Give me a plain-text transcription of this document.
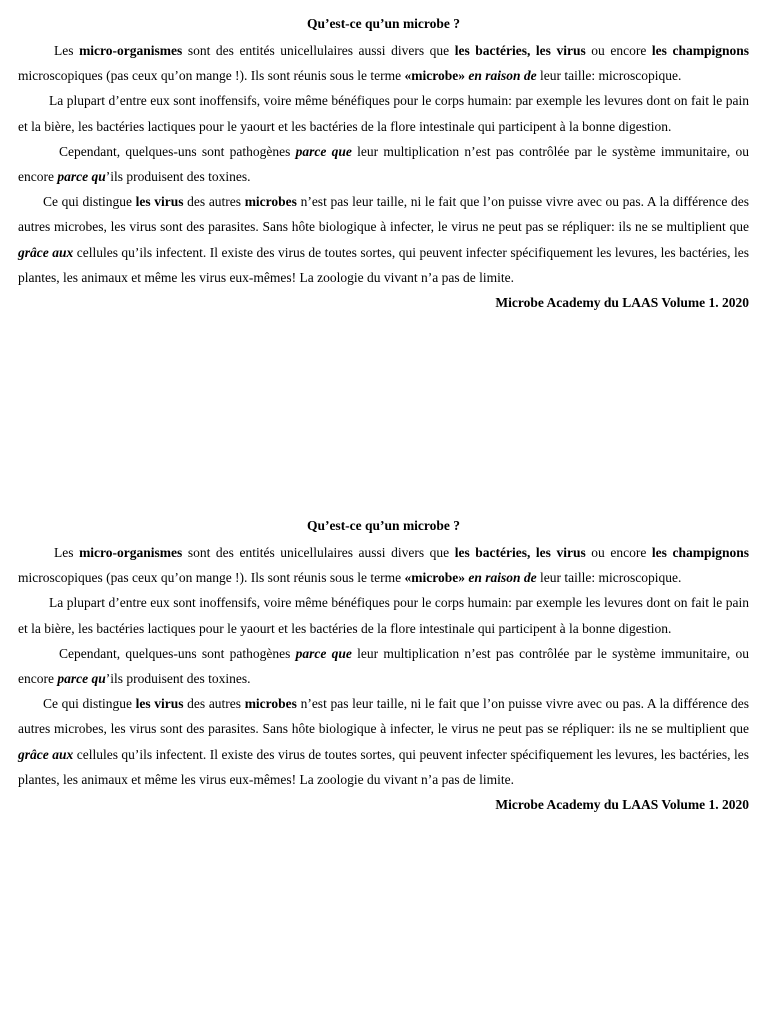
Qu’est-ce qu’un microbe ?

Les micro-organismes sont des entités unicellulaires aussi divers que les bactéries, les virus ou encore les champignons microscopiques (pas ceux qu’on mange !). Ils sont réunis sous le terme «microbe» en raison de leur taille: microscopique.

La plupart d’entre eux sont inoffensifs, voire même bénéfiques pour le corps humain: par exemple les levures dont on fait le pain et la bière, les bactéries lactiques pour le yaourt et les bactéries de la flore intestinale qui participent à la bonne digestion.

Cependant, quelques-uns sont pathogènes parce que leur multiplication n’est pas contrôlée par le système immunitaire, ou encore parce qu’ils produisent des toxines.

Ce qui distingue les virus des autres microbes n’est pas leur taille, ni le fait que l’on puisse vivre avec ou pas. A la différence des autres microbes, les virus sont des parasites. Sans hôte biologique à infecter, le virus ne peut pas se répliquer: ils ne se multiplient que grâce aux cellules qu’ils infectent. Il existe des virus de toutes sortes, qui peuvent infecter spécifiquement les levures, les bactéries, les plantes, les animaux et même les virus eux-mêmes! La zoologie du vivant n’a pas de limite.

Microbe Academy du LAAS Volume 1. 2020

Qu’est-ce qu’un microbe ?

Les micro-organismes sont des entités unicellulaires aussi divers que les bactéries, les virus ou encore les champignons microscopiques (pas ceux qu’on mange !). Ils sont réunis sous le terme «microbe» en raison de leur taille: microscopique.

La plupart d’entre eux sont inoffensifs, voire même bénéfiques pour le corps humain: par exemple les levures dont on fait le pain et la bière, les bactéries lactiques pour le yaourt et les bactéries de la flore intestinale qui participent à la bonne digestion.

Cependant, quelques-uns sont pathogènes parce que leur multiplication n’est pas contrôlée par le système immunitaire, ou encore parce qu’ils produisent des toxines.

Ce qui distingue les virus des autres microbes n’est pas leur taille, ni le fait que l’on puisse vivre avec ou pas. A la différence des autres microbes, les virus sont des parasites. Sans hôte biologique à infecter, le virus ne peut pas se répliquer: ils ne se multiplient que grâce aux cellules qu’ils infectent. Il existe des virus de toutes sortes, qui peuvent infecter spécifiquement les levures, les bactéries, les plantes, les animaux et même les virus eux-mêmes! La zoologie du vivant n’a pas de limite.

Microbe Academy du LAAS Volume 1. 2020
